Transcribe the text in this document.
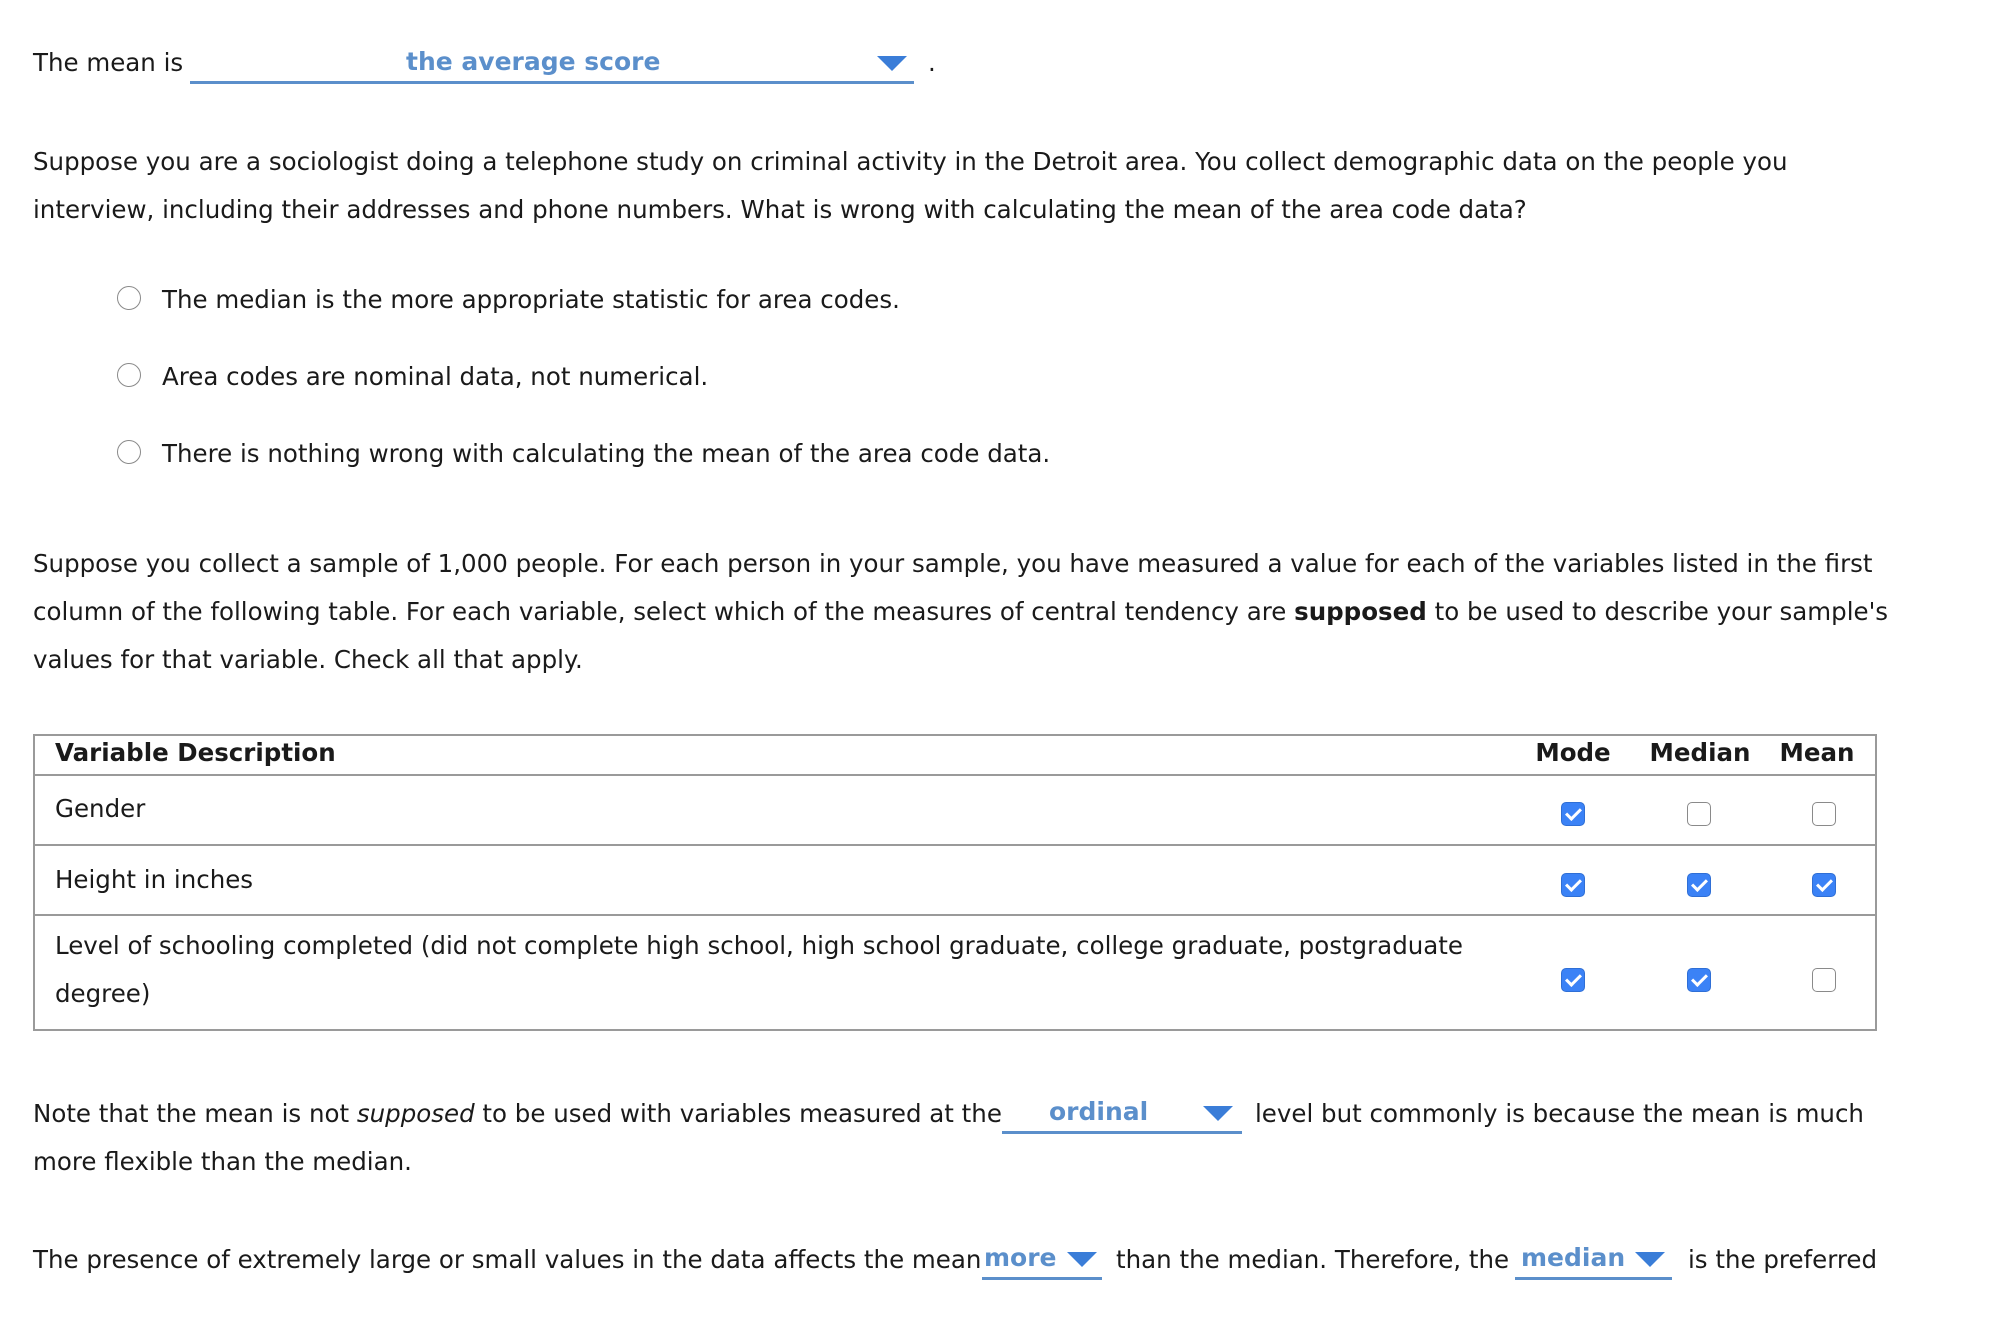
The mean is	the average score	.
Suppose you are a sociologist doing a telephone study on criminal activity in the Detroit area. You collect demographic data on the people you
interview, including their addresses and phone numbers. What is wrong with calculating the mean of the area code data?
The median is the more appropriate statistic for area codes.
Area codes are nominal data, not numerical.
There is nothing wrong with calculating the mean of the area code data.
Suppose you collect a sample of 1,000 people. For each person in your sample, you have measured a value for each of the variables listed in the first
column of the following table. For each variable, select which of the measures of central tendency are supposed to be used to describe your sample's
values for that variable. Check all that apply.
Variable Description	Mode Median Mean
Gender
Height in inches
Level of schooling completed (did not complete high school, high school graduate, college graduate, postgraduate
degree)
Note that the mean is not supposed to be used with variables measured at the ordinal	level but commonly is because the mean is much
more flexible than the median.
The presence of extremely large or small values in the data affects the mean more than the median. Therefore, the median	is the preferred
